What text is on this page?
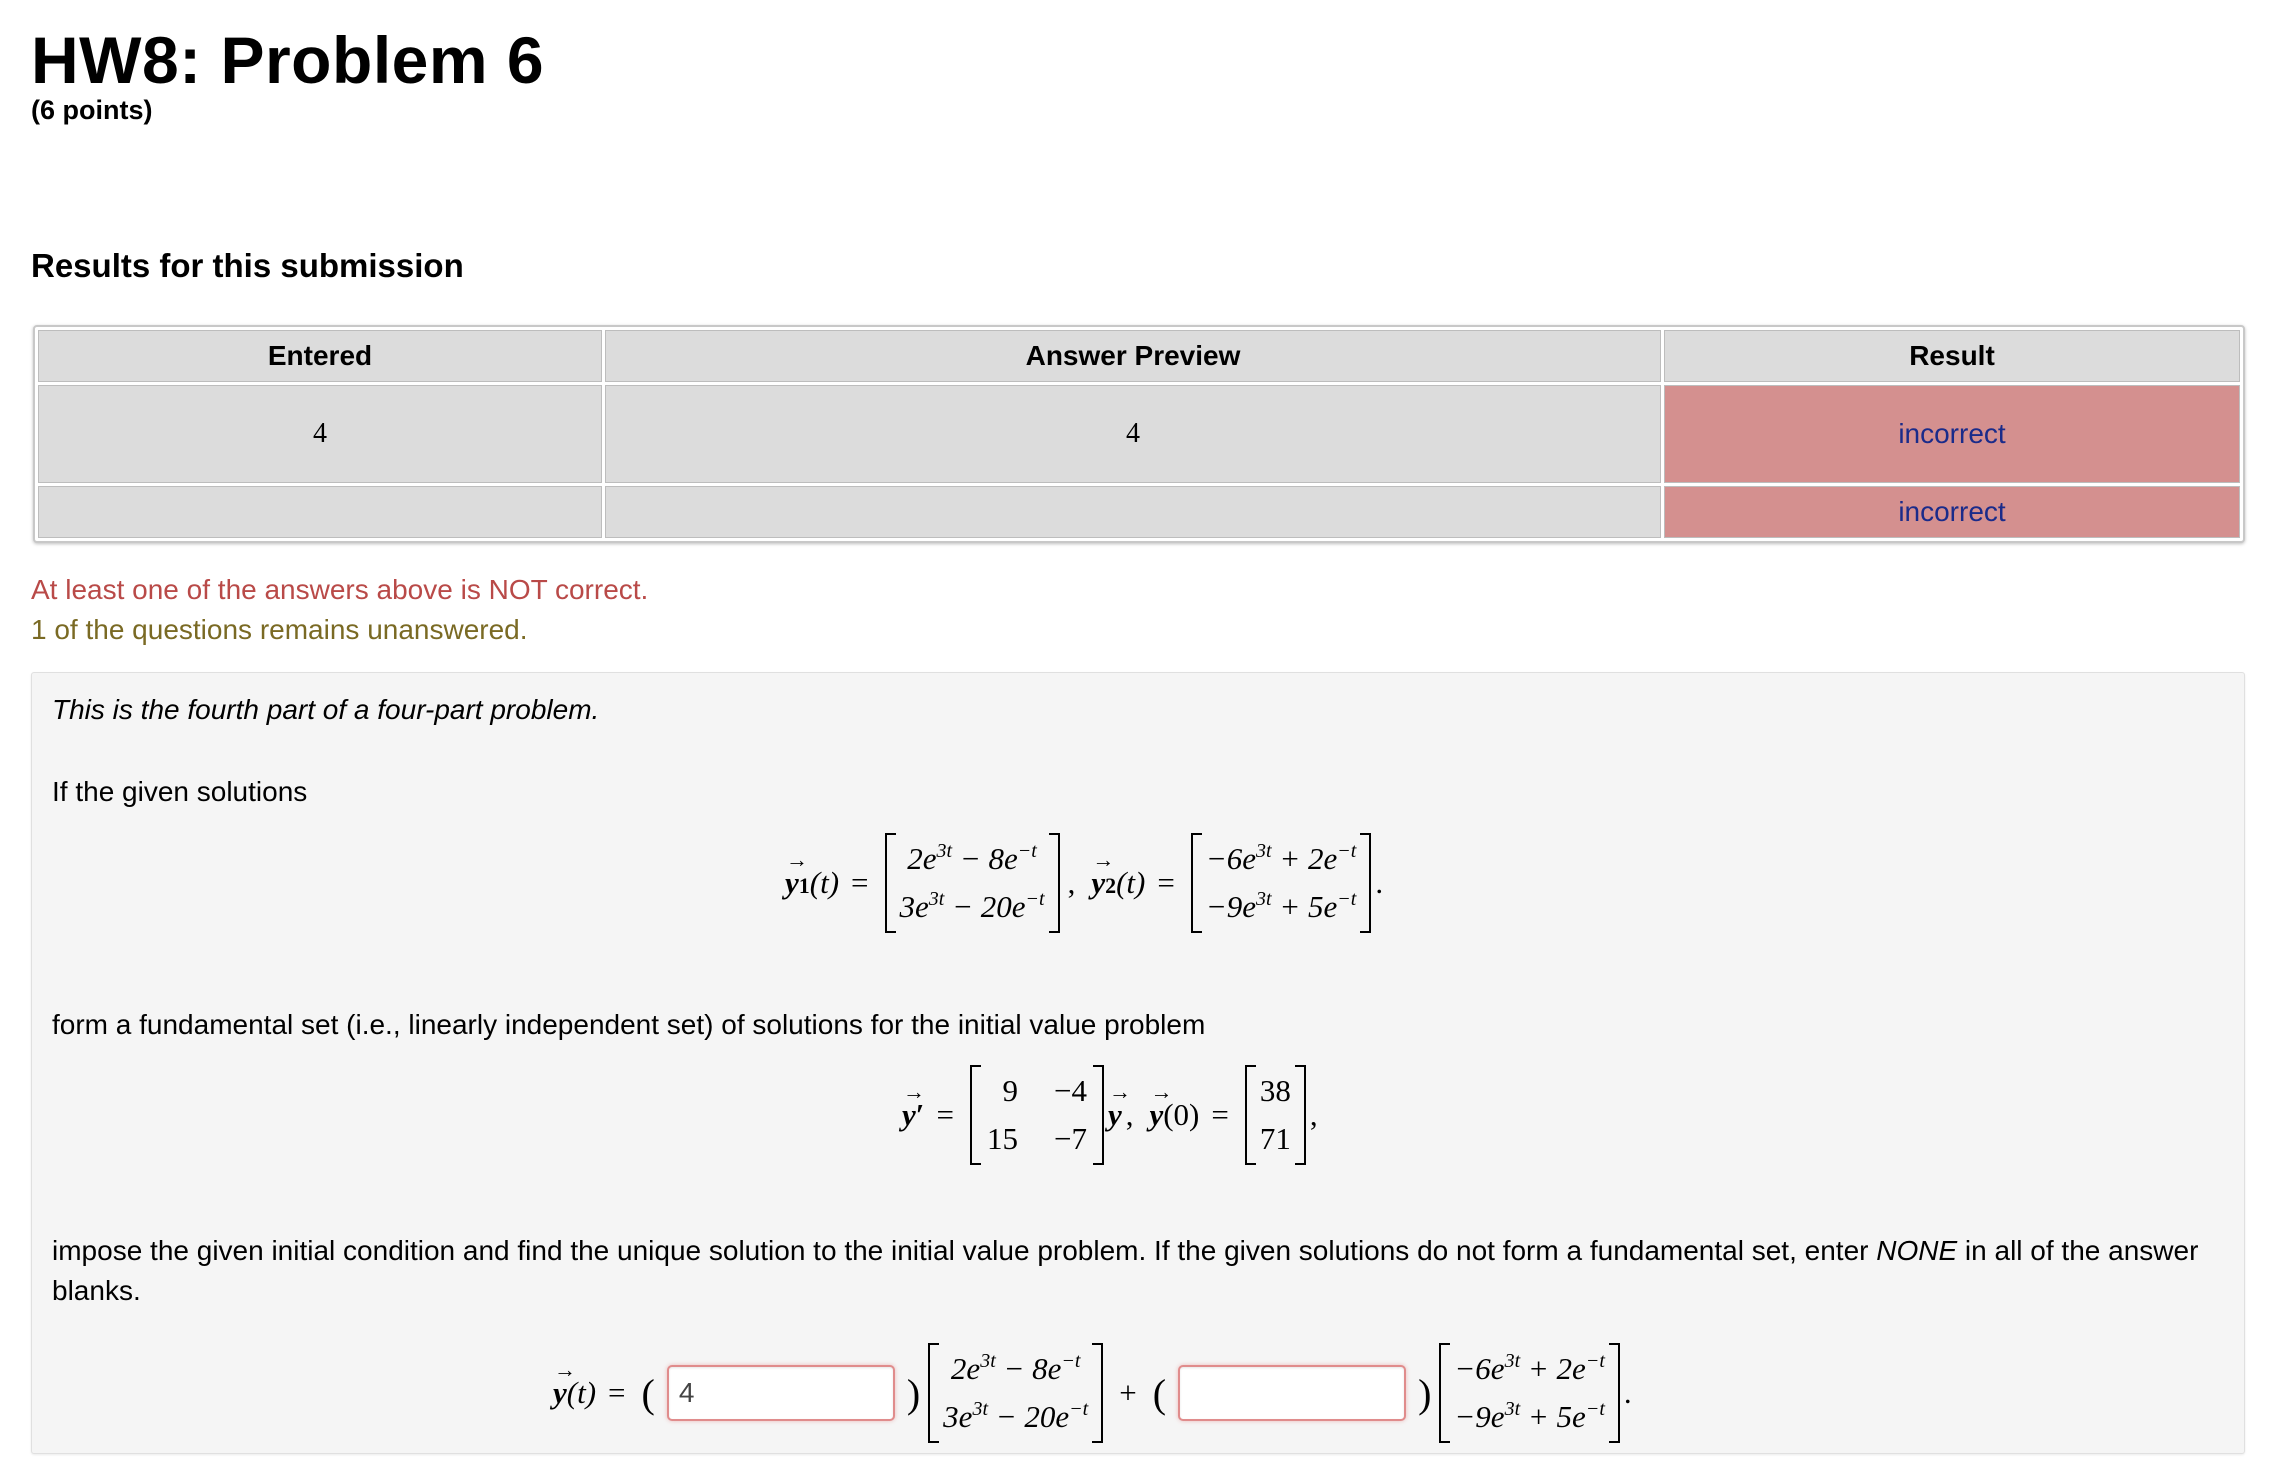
HW8: Problem 6
(6 points)
Results for this submission
Entered	Answer Preview	Result
4	4	incorrect
		incorrect
At least one of the answers above is NOT correct.
1 of the questions remains unanswered.
This is the fourth part of a four-part problem.
If the given solutions
→ y1 (t) =
$2e^{3t} - 8e^{-t}$
$3e^{3t} - 20e^{-t}$ , → y2 (t) =
$-6e^{3t} + 2e^{-t}$
$-9e^{3t} + 5e^{-t}$ .
form a fundamental set (i.e., linearly independent set) of solutions for the initial value problem
→ y ′ =
9 −4
15 −7
→ y , → y (0) =
38
71
,
impose the given initial condition and find the unique solution to the initial value problem. If the given solutions do not form a fundamental set, enter NONE in all of the answer blanks.
→ y (t) = ( 4	)
$2e^{3t} - 8e^{-t}$
$3e^{3t} - 20e^{-t}$ + (	)
$-6e^{3t} + 2e^{-t}$
$-9e^{3t} + 5e^{-t}$ .
